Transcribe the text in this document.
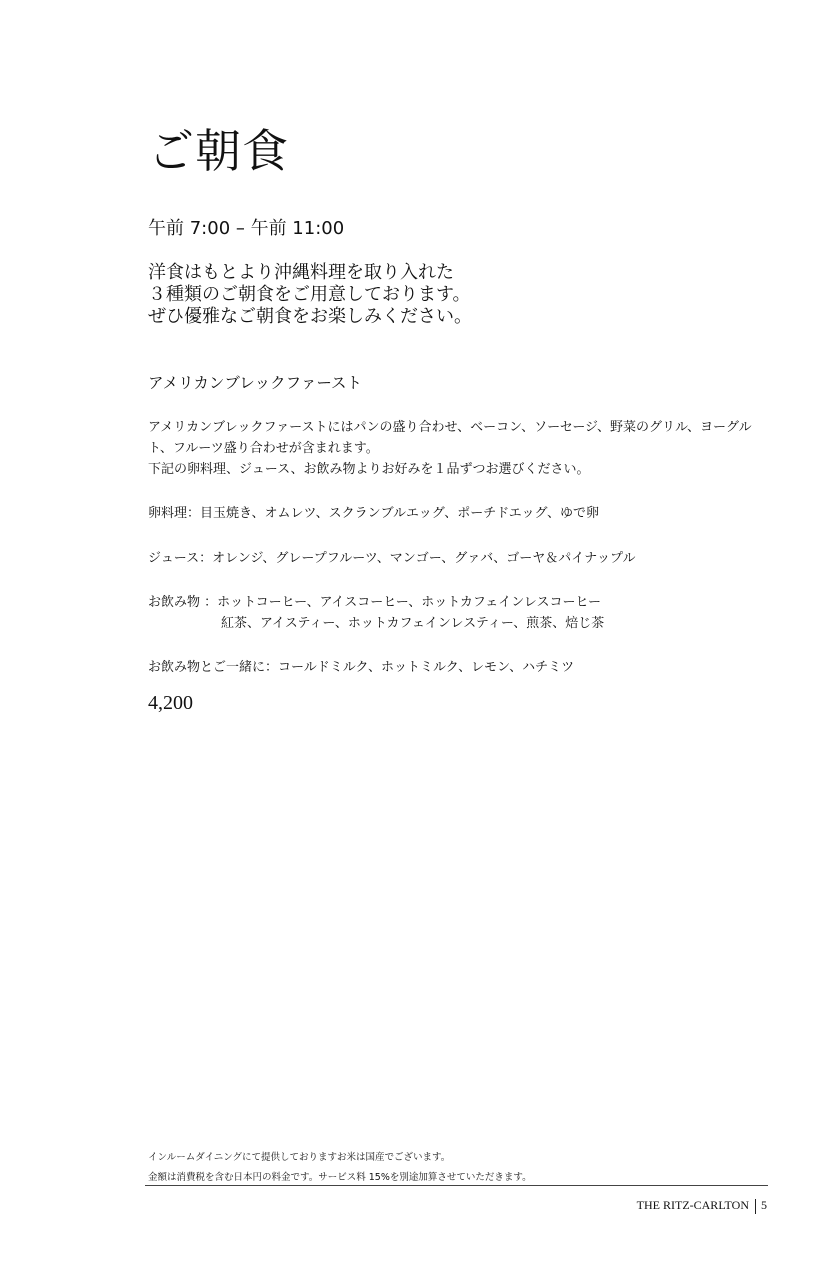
ご朝食
午前 7:00 – 午前 11:00
洋食はもとより沖縄料理を取り入れた
３種類のご朝食をご用意しております。
ぜひ優雅なご朝食をお楽しみください。
アメリカンブレックファースト
アメリカンブレックファーストにはパンの盛り合わせ、ベーコン、ソーセージ、野菜のグリル、ヨーグルト、フルーツ盛り合わせが含まれます。
下記の卵料理、ジュース、お飲み物よりお好みを１品ずつお選びください。
卵料理：目玉焼き、オムレツ、スクランブルエッグ、ポーチドエッグ、ゆで卵
ジュース：オレンジ、グレープフルーツ、マンゴー、グァバ、ゴーヤ＆パイナップル
お飲み物 ：ホットコーヒー、アイスコーヒー、ホットカフェインレスコーヒー
紅茶、アイスティー、ホットカフェインレスティー、煎茶、焙じ茶
お飲み物とご一緒に：コールドミルク、ホットミルク、レモン、ハチミツ
4,200
インルームダイニングにて提供しておりますお米は国産でございます。
金額は消費税を含む日本円の料金です。サービス料 15%を別途加算させていただきます。
THE RITZ-CARLTON 5
